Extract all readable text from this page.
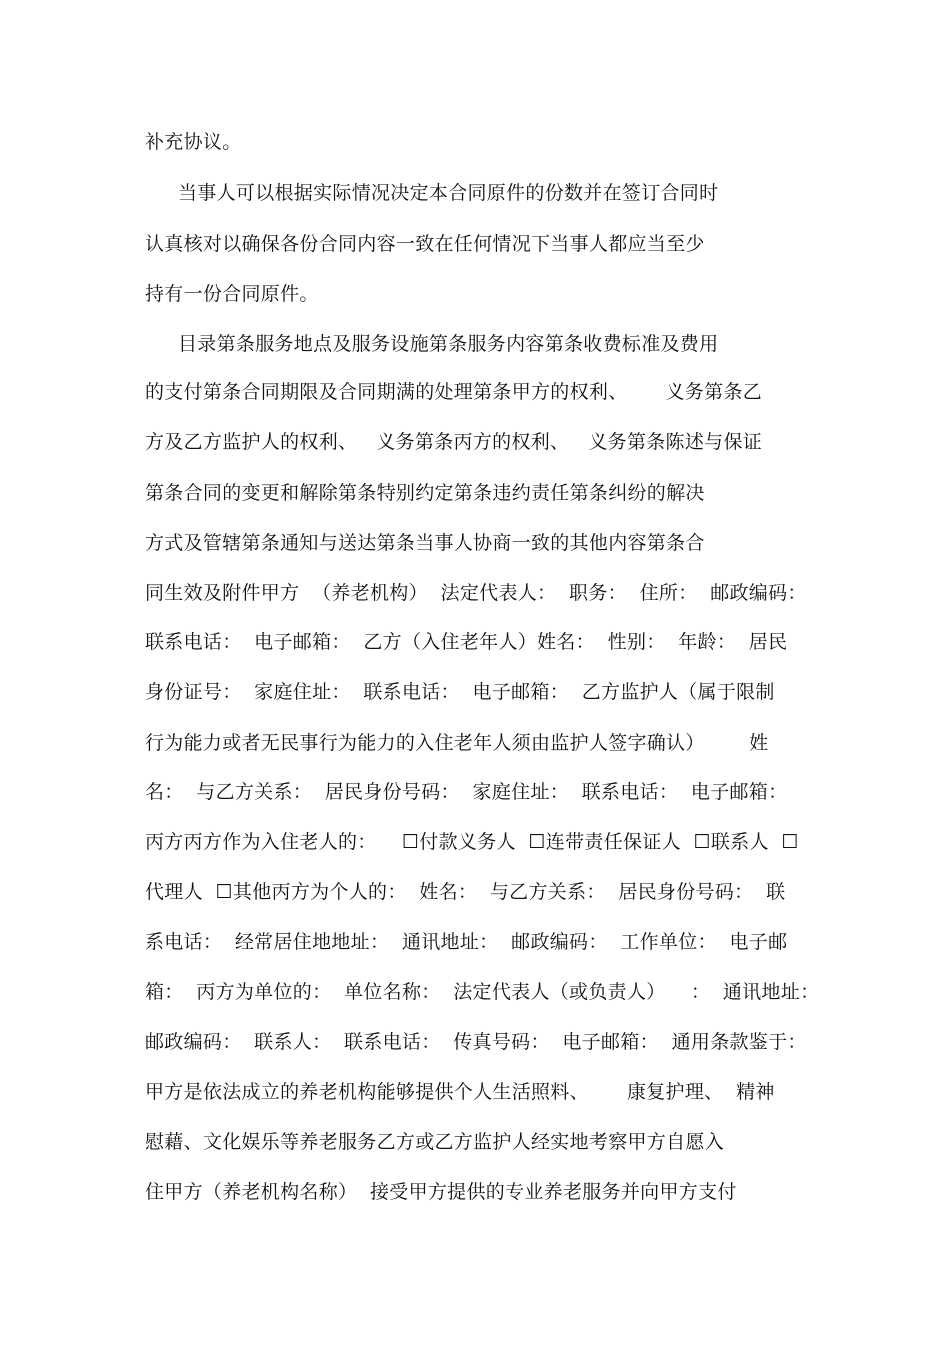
补充协议。
当事人可以根据实际情况决定本合同原件的份数并在签订合同时
认真核对以确保各份合同内容一致在任何情况下当事人都应当至少
持有一份合同原件。
目录第条服务地点及服务设施第条服务内容第条收费标准及费用
的支付第条合同期限及合同期满的处理第条甲方的权利、      义务第条乙
方及乙方监护人的权利、   义务第条丙方的权利、   义务第条陈述与保证
第条合同的变更和解除第条特别约定第条违约责任第条纠纷的解决
方式及管辖第条通知与送达第条当事人协商一致的其他内容第条合
同生效及附件甲方  （养老机构）  法定代表人：  职务：  住所：  邮政编码：
联系电话：  电子邮箱：  乙方（入住老年人）姓名：  性别：  年龄：  居民
身份证号：  家庭住址：  联系电话：  电子邮箱：  乙方监护人（属于限制
行为能力或者无民事行为能力的入住老年人须由监护人签字确认）       姓
名：  与乙方关系：  居民身份号码：  家庭住址：  联系电话：  电子邮箱：
丙方丙方作为入住老人的：    ☐付款义务人  ☐连带责任保证人  ☐联系人  ☐
代理人  ☐其他丙方为个人的：  姓名：  与乙方关系：  居民身份号码：  联
系电话：  经常居住地地址：  通讯地址：  邮政编码：  工作单位：  电子邮
箱：  丙方为单位的：  单位名称：  法定代表人（或负责人）    ：  通讯地址：
邮政编码：  联系人：  联系电话：  传真号码：  电子邮箱：  通用条款鉴于：
甲方是依法成立的养老机构能够提供个人生活照料、      康复护理、  精神
慰藉、文化娱乐等养老服务乙方或乙方监护人经实地考察甲方自愿入
住甲方（养老机构名称）  接受甲方提供的专业养老服务并向甲方支付
